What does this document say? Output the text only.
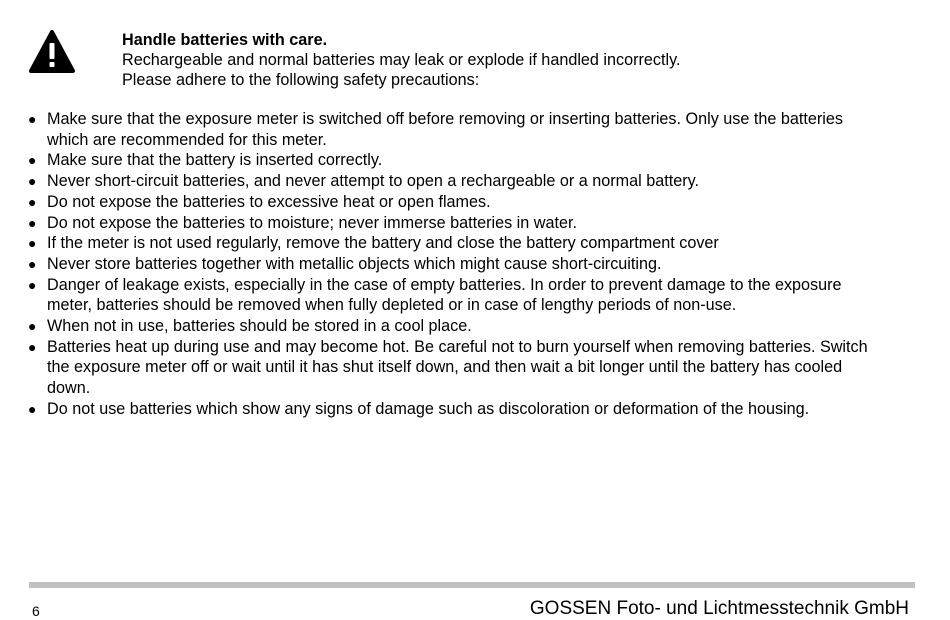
Handle batteries with care.
Rechargeable and normal batteries may leak or explode if handled incorrectly.
Please adhere to the following safety precautions:
● Make sure that the exposure meter is switched off before removing or inserting batteries. Only use the batteries which are recommended for this meter.
● Make sure that the battery is inserted correctly.
● Never short-circuit batteries, and never attempt to open a rechargeable or a normal battery.
● Do not expose the batteries to excessive heat or open flames.
● Do not expose the batteries to moisture; never immerse batteries in water.
● If the meter is not used regularly, remove the battery and close the battery compartment cover
● Never store batteries together with metallic objects which might cause short-circuiting.
● Danger of leakage exists, especially in the case of empty batteries. In order to prevent damage to the exposure meter, batteries should be removed when fully depleted or in case of lengthy periods of non-use.
● When not in use, batteries should be stored in a cool place.
● Batteries heat up during use and may become hot. Be careful not to burn yourself when removing batteries. Switch the exposure meter off or wait until it has shut itself down, and then wait a bit longer until the battery has cooled down.
● Do not use batteries which show any signs of damage such as discoloration or deformation of the housing.
6	GOSSEN Foto- und Lichtmesstechnik GmbH
